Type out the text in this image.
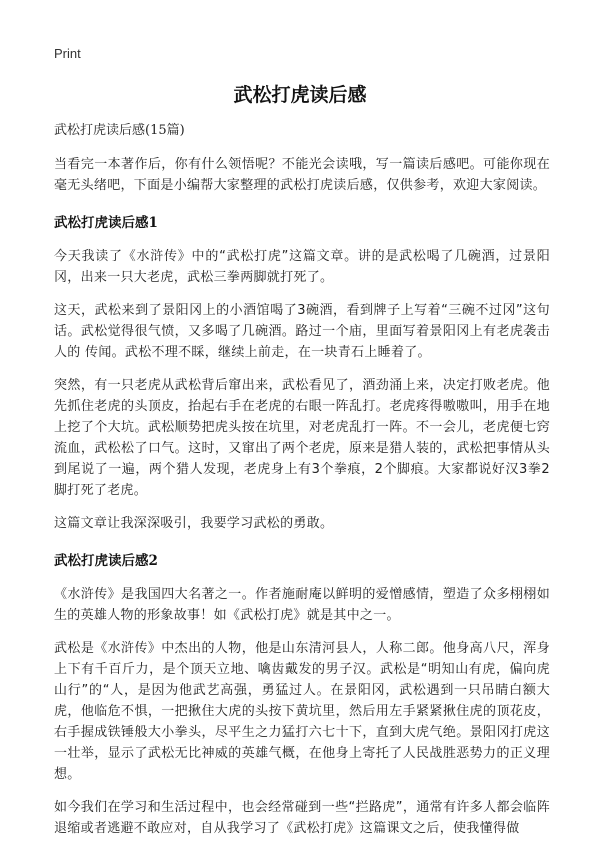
Print
武松打虎读后感

武松打虎读后感(15篇)

当看完一本著作后，你有什么领悟呢？不能光会读哦，写一篇读后感吧。可能你现在毫无头绪吧，下面是小编帮大家整理的武松打虎读后感，仅供参考，欢迎大家阅读。

武松打虎读后感1

今天我读了《水浒传》中的“武松打虎”这篇文章。讲的是武松喝了几碗酒，过景阳冈，出来一只大老虎，武松三拳两脚就打死了。

这天，武松来到了景阳冈上的小酒馆喝了3碗酒，看到牌子上写着“三碗不过冈”这句话。武松觉得很气愤，又多喝了几碗酒。路过一个庙，里面写着景阳冈上有老虎袭击人的 传闻。武松不理不睬，继续上前走，在一块青石上睡着了。

突然，有一只老虎从武松背后窜出来，武松看见了，酒劲涌上来，决定打败老虎。他先抓住老虎的头顶皮，抬起右手在老虎的右眼一阵乱打。老虎疼得嗷嗷叫，用手在地上挖了个大坑。武松顺势把虎头按在坑里，对老虎乱打一阵。不一会儿，老虎便七窍流血，武松松了口气。这时，又窜出了两个老虎，原来是猎人装的，武松把事情从头到尾说了一遍，两个猎人发现，老虎身上有3个拳痕，2个脚痕。大家都说好汉3拳2脚打死了老虎。

这篇文章让我深深吸引，我要学习武松的勇敢。

武松打虎读后感2

《水浒传》是我国四大名著之一。作者施耐庵以鲜明的爱憎感情，塑造了众多栩栩如生的英雄人物的形象故事！如《武松打虎》就是其中之一。

武松是《水浒传》中杰出的人物，他是山东清河县人，人称二郎。他身高八尺，浑身上下有千百斤力，是个顶天立地、噙齿戴发的男子汉。武松是“明知山有虎，偏向虎山行”的“人，是因为他武艺高强，勇猛过人。在景阳冈，武松遇到一只吊睛白额大虎，他临危不惧，一把揪住大虎的头按下黄坑里，然后用左手紧紧揪住虎的顶花皮，右手握成铁锤般大小拳头，尽平生之力猛打六七十下，直到大虎气绝。景阳冈打虎这一壮举，显示了武松无比神威的英雄气概，在他身上寄托了人民战胜恶势力的正义理想。

如今我们在学习和生活过程中，也会经常碰到一些“拦路虎”，通常有许多人都会临阵退缩或者逃避不敢应对，自从我学习了《武松打虎》这篇课文之后，使我懂得做
